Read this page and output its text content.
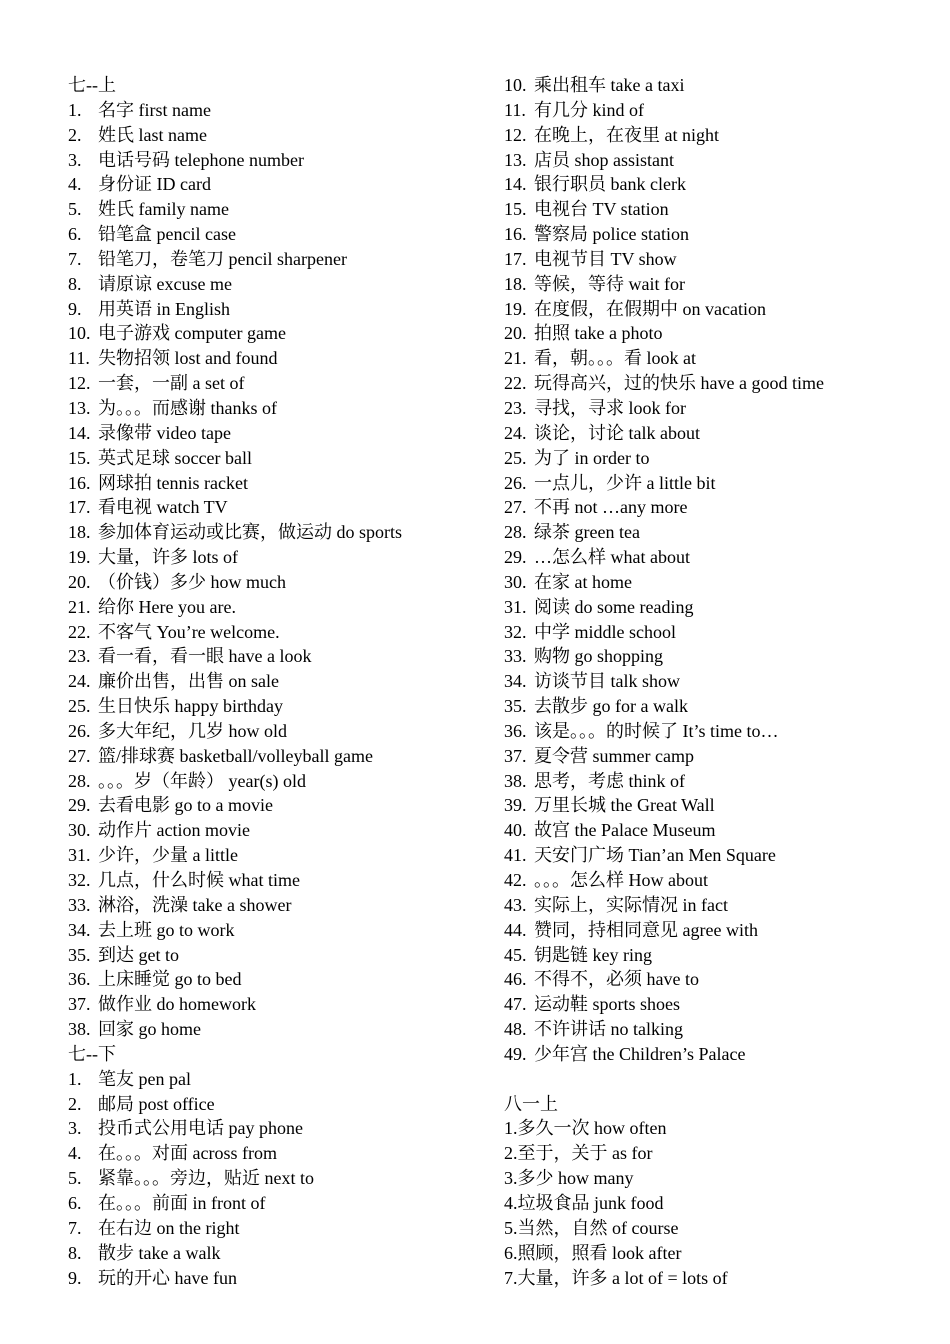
七--上
1. 名字 first name
2. 姓氏 last name
3. 电话号码 telephone number
4. 身份证 ID card
5. 姓氏 family name
6. 铅笔盒 pencil case
7. 铅笔刀，卷笔刀 pencil sharpener
8. 请原谅 excuse me
9. 用英语 in English
10. 电子游戏 computer game
11. 失物招领 lost and found
12. 一套，一副 a set of
13. 为。。。而感谢 thanks of
14. 录像带 video tape
15. 英式足球 soccer ball
16. 网球拍 tennis racket
17. 看电视 watch TV
18. 参加体育运动或比赛，做运动 do sports
19. 大量，许多 lots of
20. （价钱）多少 how much
21. 给你 Here you are.
22. 不客气 You’re welcome.
23. 看一看，看一眼 have a look
24. 廉价出售，出售 on sale
25. 生日快乐 happy birthday
26. 多大年纪，几岁 how old
27. 篮/排球赛 basketball/volleyball game
28. 。。。岁（年龄） year(s) old
29. 去看电影 go to a movie
30. 动作片 action movie
31. 少许，少量 a little
32. 几点，什么时候 what time
33. 淋浴，洗澡 take a shower
34. 去上班 go to work
35. 到达 get to
36. 上床睡觉 go to bed
37. 做作业 do homework
38. 回家 go home
七--下
1. 笔友 pen pal
2. 邮局 post office
3. 投币式公用电话 pay phone
4. 在。。。对面 across from
5. 紧靠。。。旁边，贴近 next to
6. 在。。。前面 in front of
7. 在右边 on the right
8. 散步 take a walk
9. 玩的开心 have fun
10. 乘出租车 take a taxi
11. 有几分 kind of
12. 在晚上，在夜里 at night
13. 店员 shop assistant
14. 银行职员 bank clerk
15. 电视台 TV station
16. 警察局 police station
17. 电视节目 TV show
18. 等候，等待 wait for
19. 在度假，在假期中 on vacation
20. 拍照 take a photo
21. 看，朝。。。看 look at
22. 玩得高兴，过的快乐 have a good time
23. 寻找，寻求 look for
24. 谈论，讨论 talk about
25. 为了 in order to
26. 一点儿，少许 a little bit
27. 不再 not …any more
28. 绿茶 green tea
29. …怎么样 what about
30. 在家 at home
31. 阅读 do some reading
32. 中学 middle school
33. 购物 go shopping
34. 访谈节目 talk show
35. 去散步 go for a walk
36. 该是。。。的时候了 It’s time to…
37. 夏令营 summer camp
38. 思考，考虑 think of
39. 万里长城 the Great Wall
40. 故宫 the Palace Museum
41. 天安门广场 Tian’an Men Square
42. 。。。怎么样 How about
43. 实际上，实际情况 in fact
44. 赞同，持相同意见 agree with
45. 钥匙链 key ring
46. 不得不，必须 have to
47. 运动鞋 sports shoes
48. 不许讲话 no talking
49. 少年宫 the Children’s Palace
八一上
1.多久一次 how often
2.至于，关于 as for
3.多少 how many
4.垃圾食品 junk food
5.当然，自然 of course
6.照顾，照看 look after
7.大量，许多 a lot of = lots of
